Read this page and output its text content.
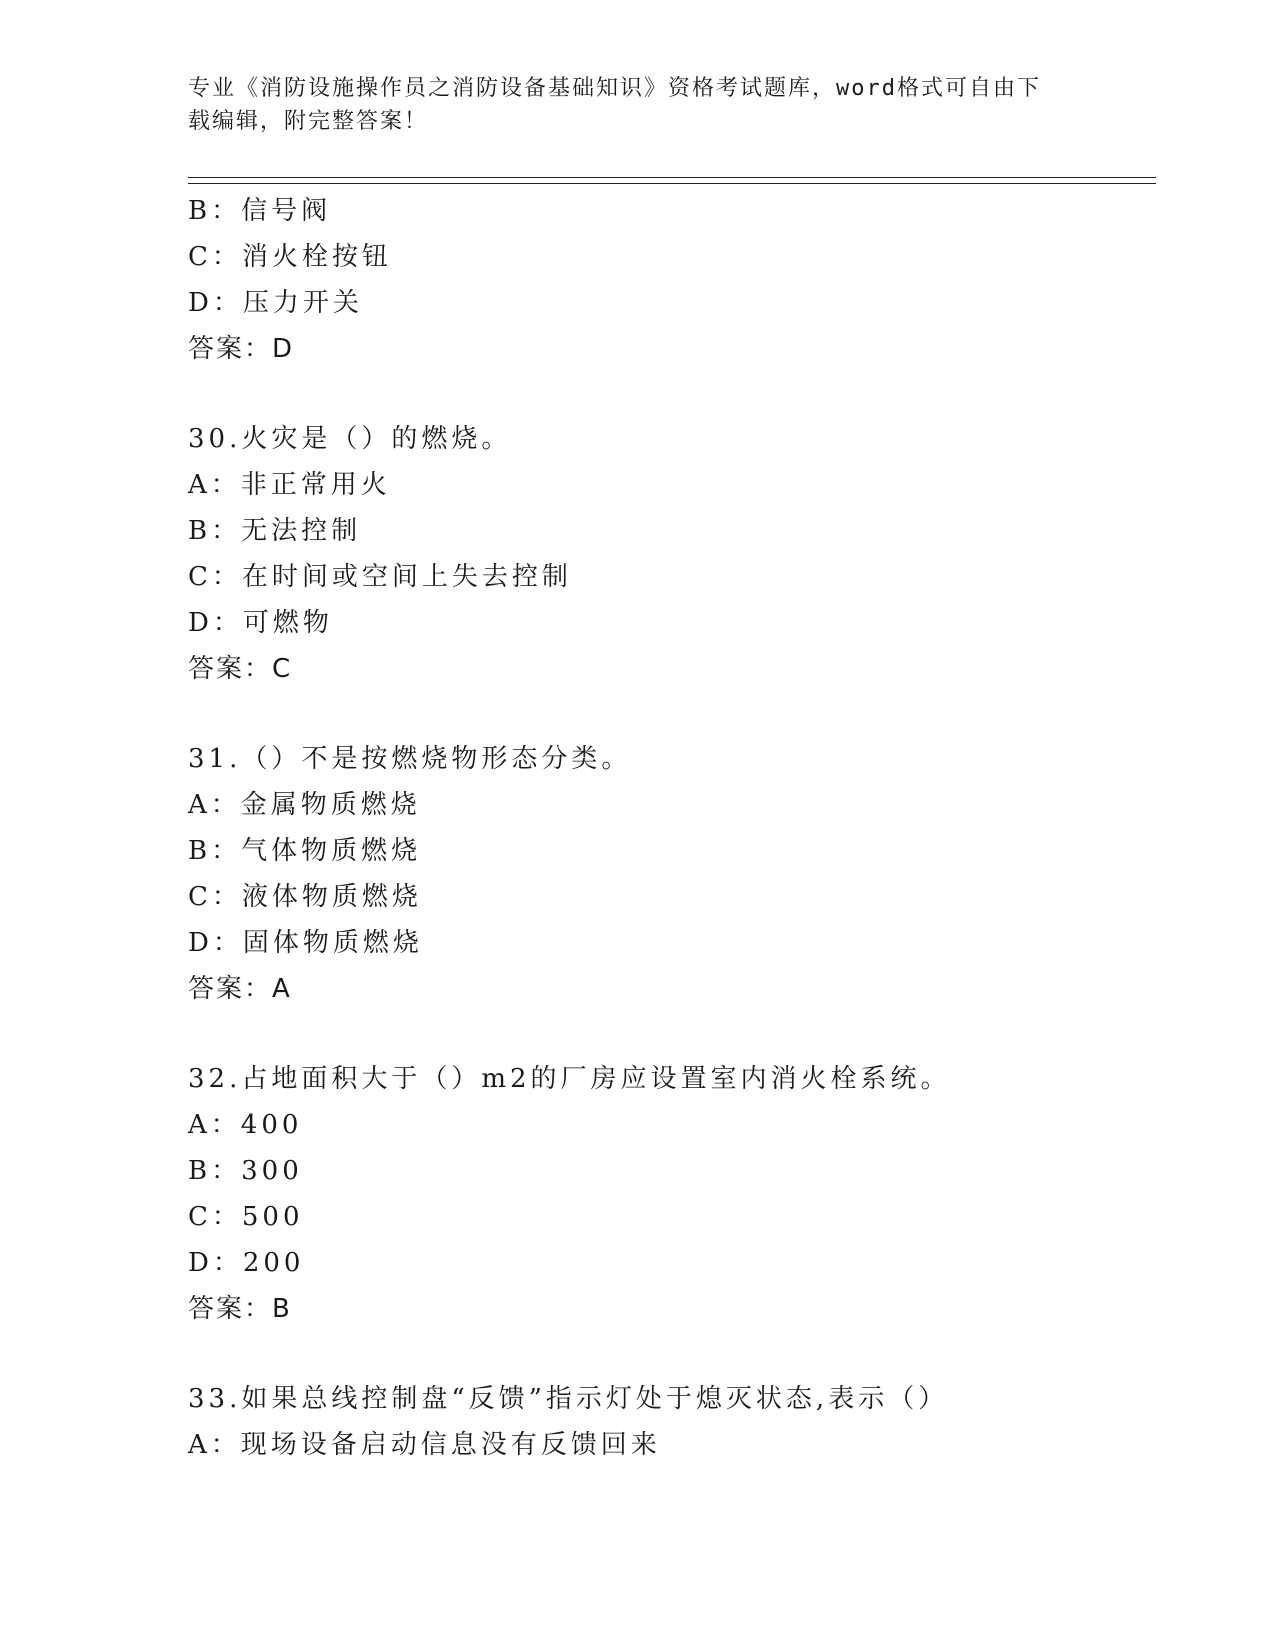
专业《消防设施操作员之消防设备基础知识》资格考试题库，word格式可自由下
载编辑，附完整答案！
B：信号阀
C：消火栓按钮
D：压力开关
答案：D
30.火灾是（）的燃烧。
A：非正常用火
B：无法控制
C：在时间或空间上失去控制
D：可燃物
答案：C
31.（）不是按燃烧物形态分类。
A：金属物质燃烧
B：气体物质燃烧
C：液体物质燃烧
D：固体物质燃烧
答案：A
32.占地面积大于（）m2的厂房应设置室内消火栓系统。
A：400
B：300
C：500
D：200
答案：B
33.如果总线控制盘“反馈”指示灯处于熄灭状态,表示（）
A：现场设备启动信息没有反馈回来
